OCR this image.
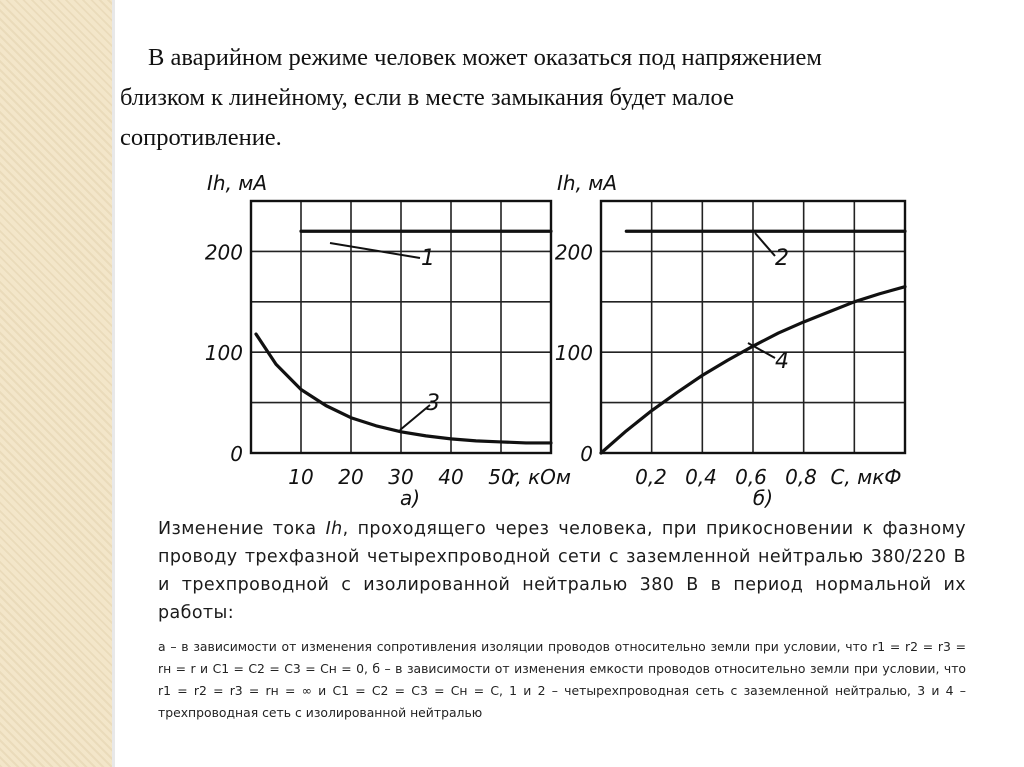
В аварийном режиме человек может оказаться под напряжением близком к линейному, если в месте замыкания будет малое сопротивление.

0
100
200
10 20 30 40 50
r, кОм
Ih, мА
а)
1
3
0
100
200
0,2 0,4 0,6 0,8 C, мкФ
Ih, мА
б)
2
4

Изменение тока Ih, проходящего через человека, при прикосновении к фазному проводу трехфазной четырехпроводной сети с заземленной нейтралью 380/220 В и трехпроводной с изолированной нейтралью 380 В в период нормальной их работы:

а – в зависимости от изменения сопротивления изоляции проводов относительно земли при условии, что r1 = r2 = r3 = rн = r и C1 = C2 = C3 = Cн = 0, б – в зависимости от изменения емкости проводов относительно земли при условии, что r1 = r2 = r3 = rн = ∞ и C1 = C2 = C3 = Cн = C, 1 и 2 – четырехпроводная сеть с заземленной нейтралью, 3 и 4 – трехпроводная сеть с изолированной нейтралью
